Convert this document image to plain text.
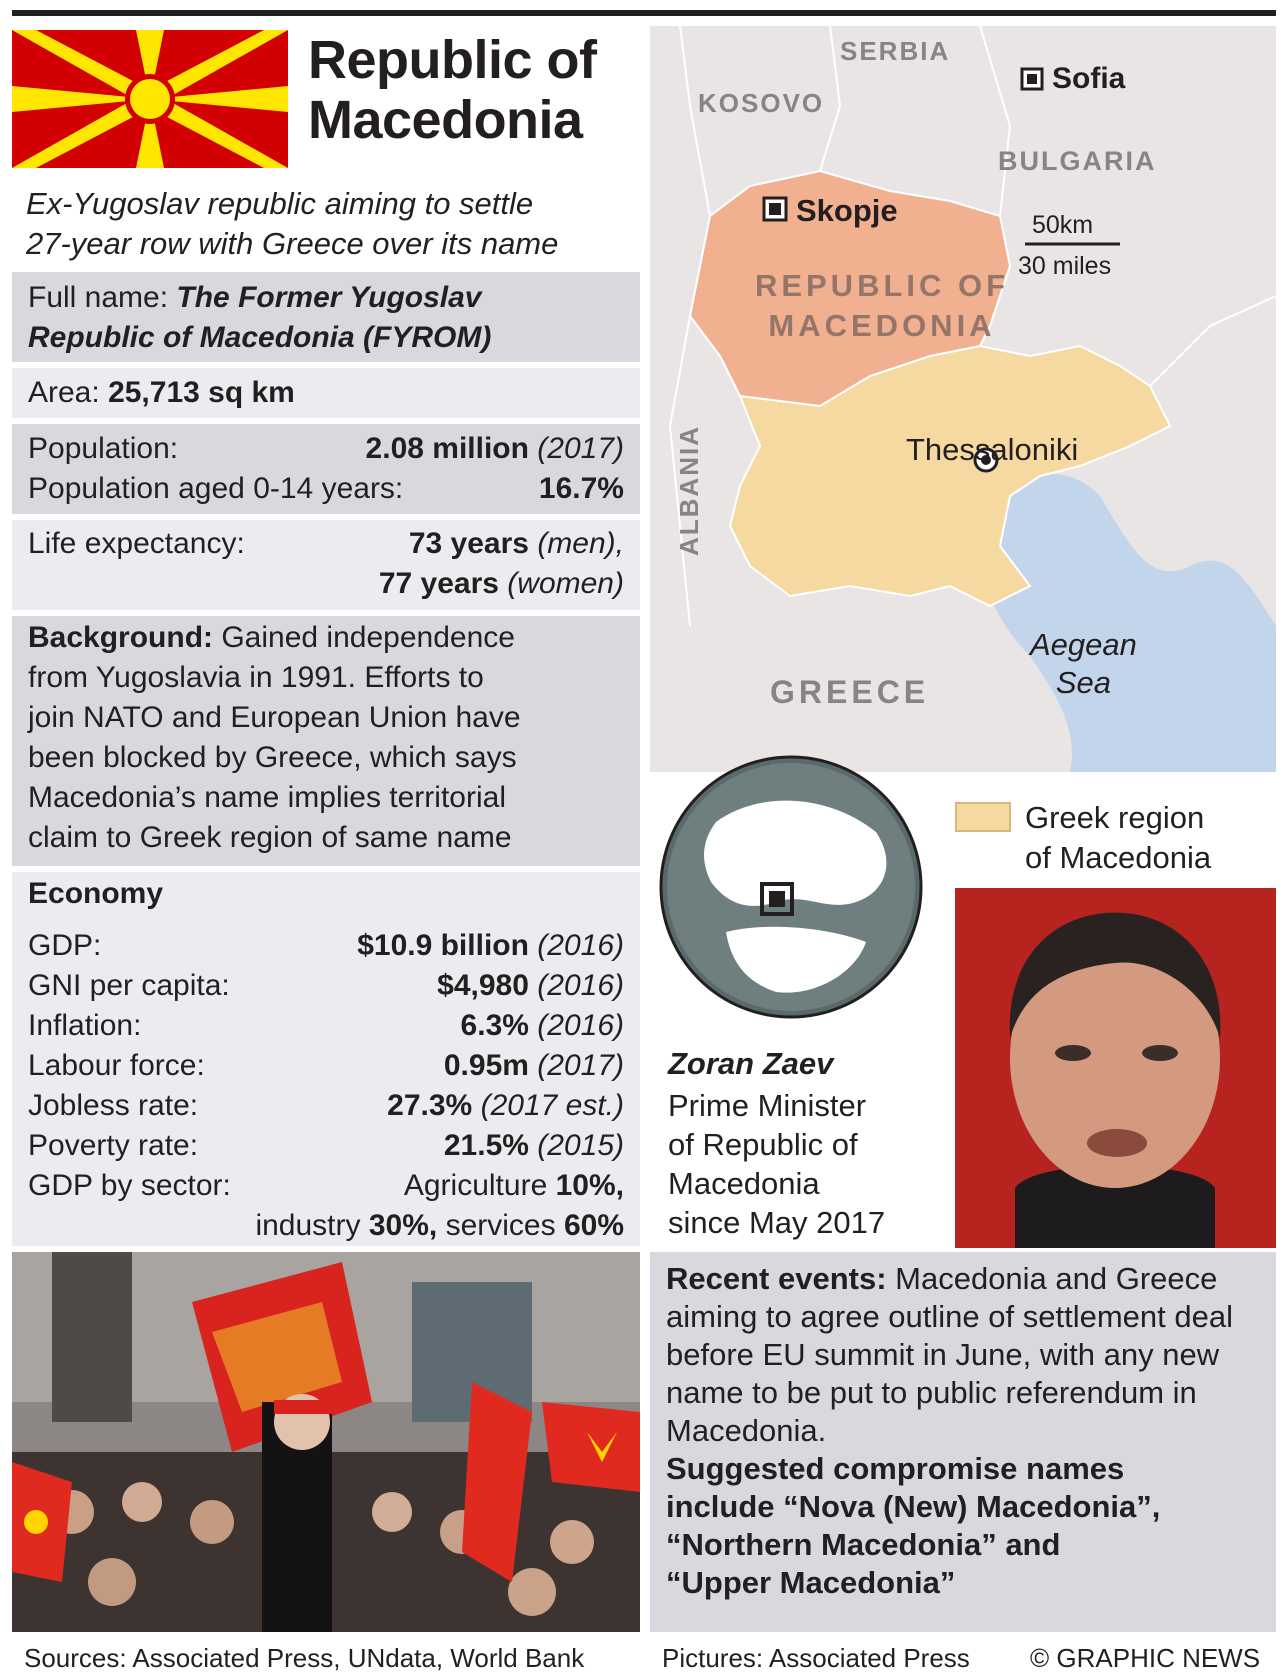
Republic of
Macedonia
Ex-Yugoslav republic aiming to settle
27-year row with Greece over its name
Full name: The Former Yugoslav
Republic of Macedonia (FYROM)
Area: 25,713 sq km
Population:	2.08 million (2017)
Population aged 0-14 years:	16.7%
Life expectancy:	73 years (men),
77 years (women)
Background: Gained independence
from Yugoslavia in 1991. Efforts to
join NATO and European Union have
been blocked by Greece, which says
Macedonia’s name implies territorial
claim to Greek region of same name
Economy
GDP:	$10.9 billion (2016)
GNI per capita:	$4,980 (2016)
Inflation:	6.3% (2016)
Labour force:	0.95m (2017)
Jobless rate:	27.3% (2017 est.)
Poverty rate:	21.5% (2015)
GDP by sector:	Agriculture 10%,
industry 30%, services 60%
SERBIA
KOSOVO
BULGARIA
ALBANIA
GREECE
REPUBLIC OF
MACEDONIA
Sofia
Skopje
Thessaloniki
Aegean
Sea
50km
30 miles
Greek region
of Macedonia
Zoran Zaev
Prime Minister
of Republic of
Macedonia
since May 2017
Recent events: Macedonia and Greece aiming to agree outline of settlement deal before EU summit in June, with any new name to be put to public referendum in Macedonia.
Suggested compromise names
include “Nova (New) Macedonia”,
“Northern Macedonia” and
“Upper Macedonia”
Sources: Associated Press, UNdata, World Bank	Pictures: Associated Press © GRAPHIC NEWS
